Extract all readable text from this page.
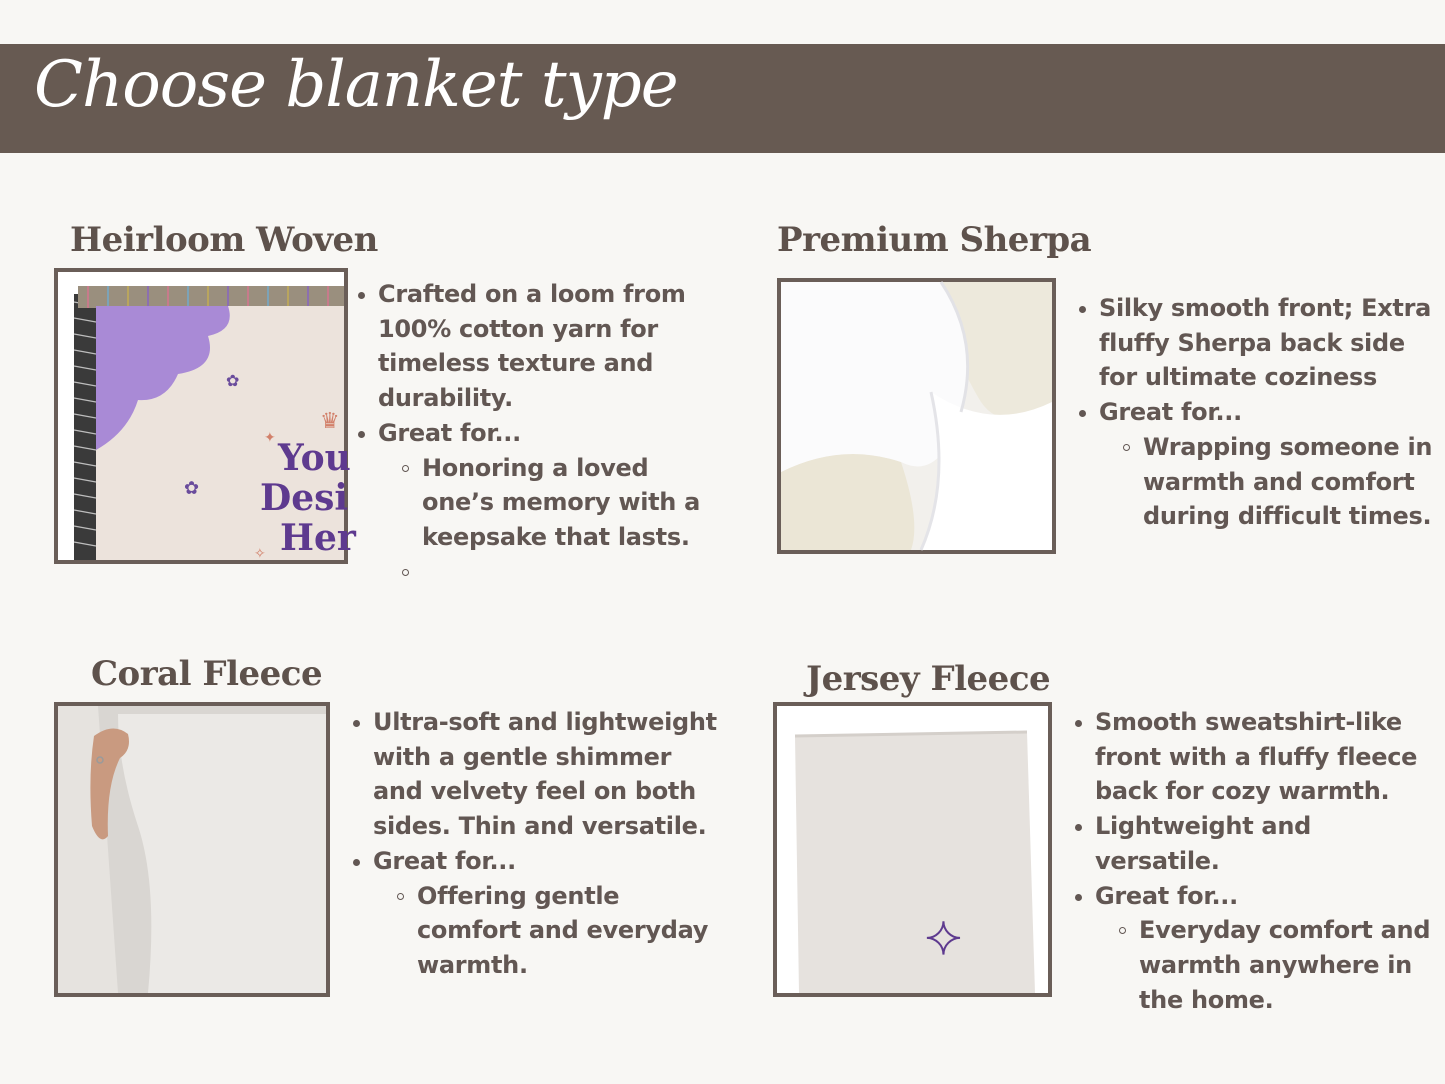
Choose blanket type
Heirloom Woven
✿
✿
♛
✦
✧
You
Desi
Her
Crafted on a loom from 100% cotton yarn for timeless texture and durability.
Great for...
Honoring a loved one’s memory with a keepsake that lasts.
Premium Sherpa
Silky smooth front; Extra fluffy Sherpa back side for ultimate coziness
Great for...
Wrapping someone in warmth and comfort during difficult times.
Coral Fleece
Ultra-soft and lightweight with a gentle shimmer and velvety feel on both sides. Thin and versatile.
Great for...
Offering gentle comfort and everyday warmth.
Jersey Fleece
✦
Smooth sweatshirt-like front with a fluffy fleece back for cozy warmth.
Lightweight and versatile.
Great for...
Everyday comfort and warmth anywhere in the home.
